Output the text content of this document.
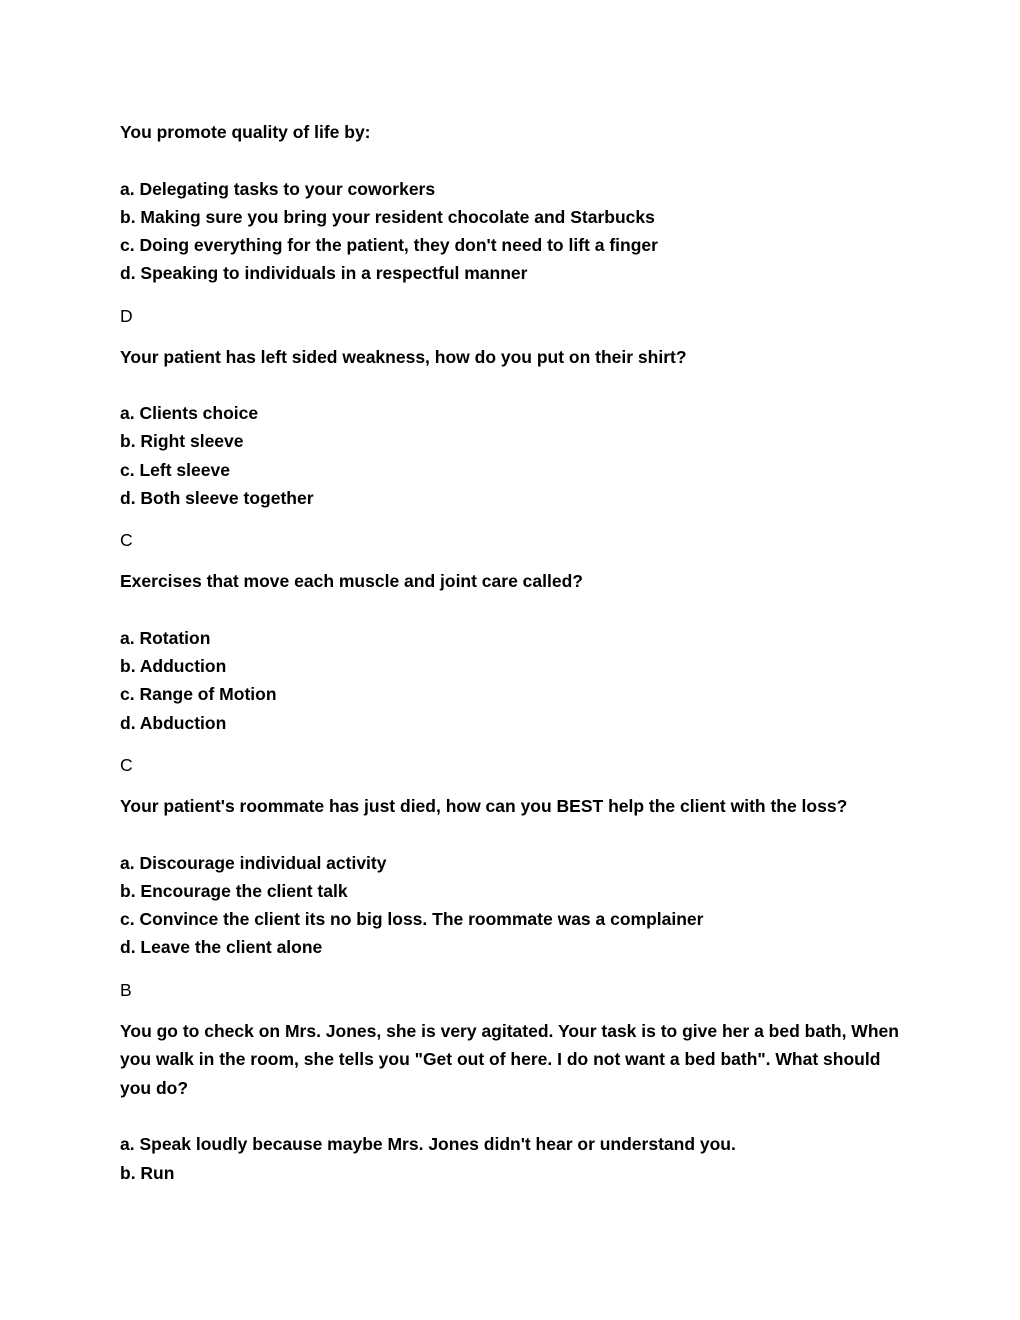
You promote quality of life by:

a. Delegating tasks to your coworkers

b. Making sure you bring your resident chocolate and Starbucks

c. Doing everything for the patient, they don't need to lift a finger

d. Speaking to individuals in a respectful manner

D

Your patient has left sided weakness, how do you put on their shirt?

a. Clients choice

b. Right sleeve

c. Left sleeve

d. Both sleeve together

C

Exercises that move each muscle and joint care called?

a. Rotation

b. Adduction

c. Range of Motion

d. Abduction

C

Your patient's roommate has just died, how can you BEST help the client with the loss?

a. Discourage individual activity

b. Encourage the client talk

c. Convince the client its no big loss. The roommate was a complainer

d. Leave the client alone

B

You go to check on Mrs. Jones, she is very agitated. Your task is to give her a bed bath, When you walk in the room, she tells you "Get out of here. I do not want a bed bath". What should you do?

a. Speak loudly because maybe Mrs. Jones didn't hear or understand you.

b. Run
